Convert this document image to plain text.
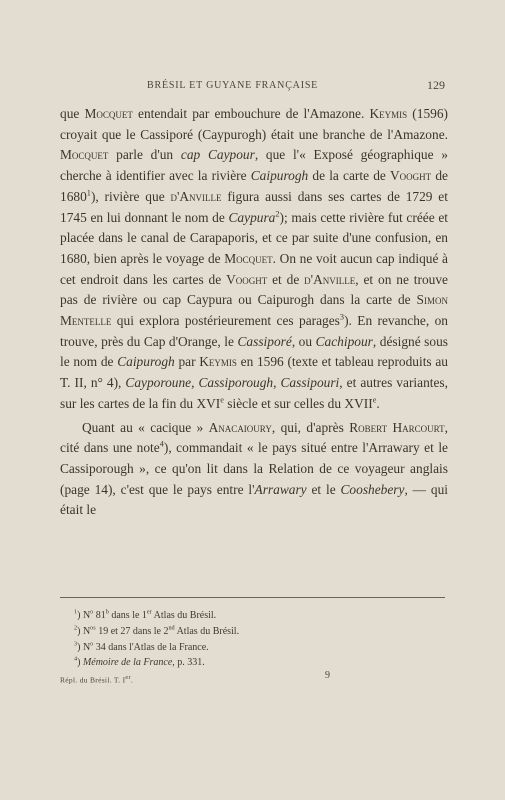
BRÉSIL ET GUYANE FRANÇAISE	129

que Mocquet entendait par embouchure de l'Amazone. Keymis (1596) croyait que le Cassiporé (Caypurogh) était une branche de l'Amazone. Mocquet parle d'un cap Caypour, que l'« Exposé géographique » cherche à identifier avec la rivière Caipurogh de la carte de Vooght de 1680$^1$), rivière que d'Anville figura aussi dans ses cartes de 1729 et 1745 en lui donnant le nom de Caypura$^2$); mais cette rivière fut créée et placée dans le canal de Carapaporis, et ce par suite d'une confusion, en 1680, bien après le voyage de Mocquet. On ne voit aucun cap indiqué à cet endroit dans les cartes de Vooght et de d'Anville, et on ne trouve pas de rivière ou cap Caypura ou Caipurogh dans la carte de Simon Mentelle qui explora postérieurement ces parages$^3$). En revanche, on trouve, près du Cap d'Orange, le Cassiporé, ou Cachipour, désigné sous le nom de Caipurogh par Keymis en 1596 (texte et tableau reproduits au T. II, n° 4), Cayporoune, Cassiporough, Cassipouri, et autres variantes, sur les cartes de la fin du XVIe siècle et sur celles du XVIIe.

Quant au « cacique » Anacaioury, qui, d'après Robert Harcourt, cité dans une note$^4$), commandait « le pays situé entre l'Arrawary et le Cassiporough », ce qu'on lit dans la Relation de ce voyageur anglais (page 14), c'est que le pays entre l'Arrawary et le Cooshebery, — qui était le

$^1$) $N^o$ 81$^b$ dans le 1er Atlas du Brésil.
$^2$) $N^{os}$ 19 et 27 dans le 2nd Atlas du Brésil.
$^3$) $N^o$ 34 dans l'Atlas de la France.
$^4$) Mémoire de la France, p. 331.
Répl. du Brésil. T. Ier.	9
